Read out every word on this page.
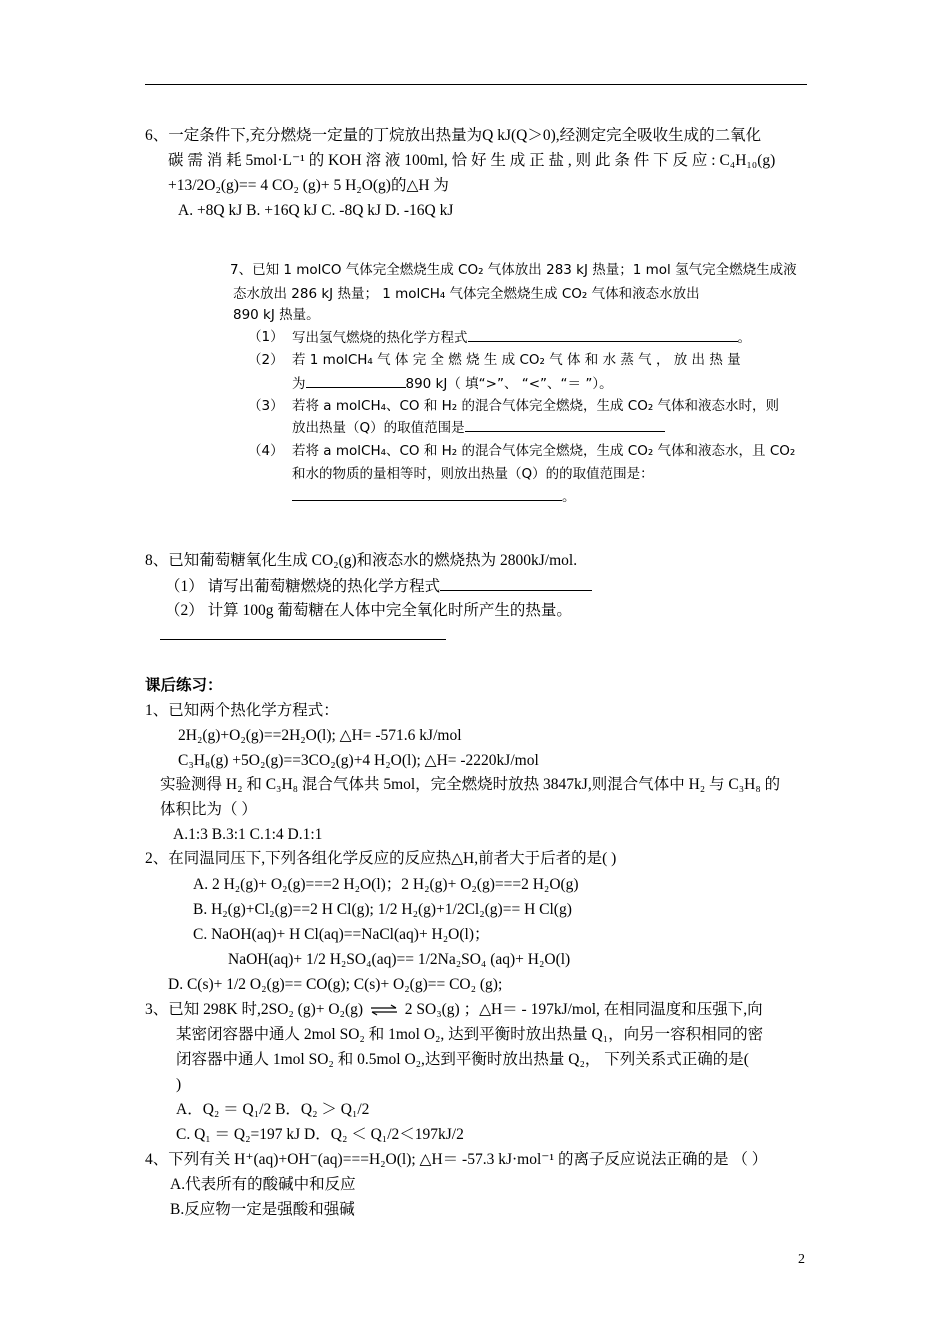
6、一定条件下,充分燃烧一定量的丁烷放出热量为Q kJ(Q＞0),经测定完全吸收生成的二氧化
碳 需 消 耗 5mol·L⁻¹ 的 KOH 溶 液 100ml, 恰 好 生 成 正 盐 , 则 此 条 件 下 反 应 : C₄H₁₀(g)
+13/2O₂(g)== 4 CO₂ (g)+ 5 H₂O(g)的△H 为
A. +8Q kJ B. +16Q kJ C. -8Q kJ D. -16Q kJ
7、已知 1 molCO 气体完全燃烧生成 CO₂ 气体放出 283 kJ 热量；1 mol 氢气完全燃烧生成液
态水放出 286 kJ 热量； 1 molCH₄ 气体完全燃烧生成 CO₂ 气体和液态水放出
890 kJ 热量。
（1） 写出氢气燃烧的热化学方程式	。
（2） 若 1 molCH₄ 气 体 完 全 燃 烧 生 成 CO₂ 气 体 和 水 蒸 气 ， 放 出 热 量
为	890 kJ（ 填“>”、 “<”、“＝ ”）。
（3） 若将 a molCH₄、CO 和 H₂ 的混合气体完全燃烧，生成 CO₂ 气体和液态水时，则
放出热量（Q）的取值范围是
（4） 若将 a molCH₄、CO 和 H₂ 的混合气体完全燃烧，生成 CO₂ 气体和液态水，且 CO₂
和水的物质的量相等时，则放出热量（Q）的的取值范围是：
。
8、已知葡萄糖氧化生成 CO₂(g)和液态水的燃烧热为 2800kJ/mol.
（1） 请写出葡萄糖燃烧的热化学方程式
（2） 计算 100g 葡萄糖在人体中完全氧化时所产生的热量。
课后练习：
1、已知两个热化学方程式：
2H₂(g)+O₂(g)==2H₂O(l); △H= -571.6 kJ/mol
C₃H₈(g) +5O₂(g)==3CO₂(g)+4 H₂O(l); △H= -2220kJ/mol
实验测得 H₂ 和 C₃H₈ 混合气体共 5mol，完全燃烧时放热 3847kJ,则混合气体中 H₂ 与 C₃H₈ 的
体积比为（ ）
A.1:3 B.3:1 C.1:4 D.1:1
2、在同温同压下,下列各组化学反应的反应热△H,前者大于后者的是( )
A. 2 H₂(g)+ O₂(g)===2 H₂O(l)；2 H₂(g)+ O₂(g)===2 H₂O(g)
B. H₂(g)+Cl₂(g)==2 H Cl(g); 1/2 H₂(g)+1/2Cl₂(g)== H Cl(g)
C. NaOH(aq)+ H Cl(aq)==NaCl(aq)+ H₂O(l)；
NaOH(aq)+ 1/2 H₂SO₄(aq)== 1/2Na₂SO₄ (aq)+ H₂O(l)
D. C(s)+ 1/2 O₂(g)== CO(g); C(s)+ O₂(g)== CO₂ (g);
3、已知 298K 时,2SO₂ (g)+ O₂(g) ⇌ 2 SO₃(g) ；△H＝ - 197kJ/mol, 在相同温度和压强下,向
某密闭容器中通人 2mol SO₂ 和 1mol O₂, 达到平衡时放出热量 Q₁，向另一容积相同的密
闭容器中通人 1mol SO₂ 和 0.5mol O₂,达到平衡时放出热量 Q₂， 下列关系式正确的是(
)
A．Q₂ ＝ Q₁/2 B．Q₂ ＞ Q₁/2
C. Q₁ ＝ Q₂=197 kJ D．Q₂ ＜ Q₁/2＜197kJ/2
4、下列有关 H⁺(aq)+OH⁻(aq)===H₂O(l); △H＝ -57.3 kJ·mol⁻¹ 的离子反应说法正确的是 （ ）
A.代表所有的酸碱中和反应
B.反应物一定是强酸和强碱
2
